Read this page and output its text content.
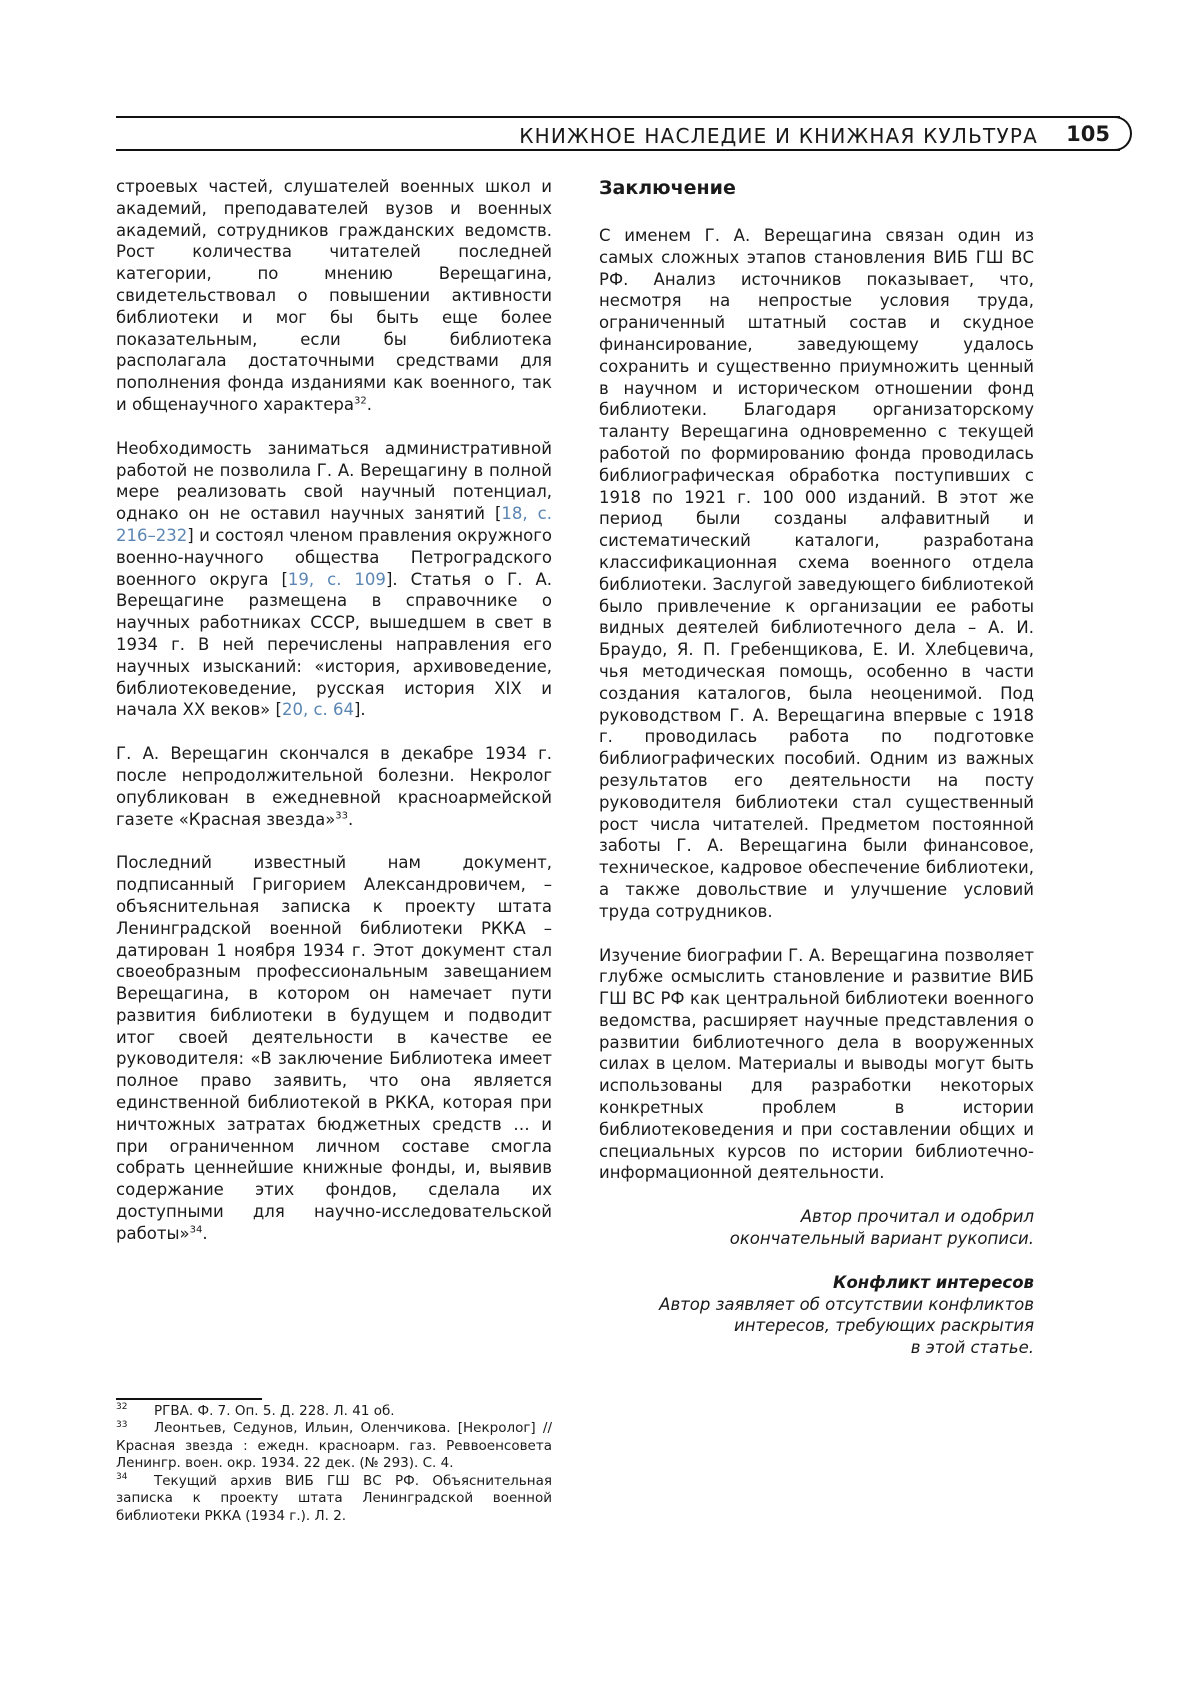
КНИЖНОЕ НАСЛЕДИЕ И КНИЖНАЯ КУЛЬТУРА 105

строевых частей, слушателей военных школ и академий, преподавателей вузов и военных академий, сотрудников гражданских ведомств. Рост количества читателей последней категории, по мнению Верещагина, свидетельствовал о повышении активности библиотеки и мог бы быть еще более показательным, если бы библиотека располагала достаточными средствами для пополнения фонда изданиями как военного, так и общенаучного характера$^{32}$.

Необходимость заниматься административной работой не позволила Г. А. Верещагину в полной мере реализовать свой научный потенциал, однако он не оставил научных занятий [18, с. 216–232] и состоял членом правления окружного военно-научного общества Петроградского военного округа [19, с. 109]. Статья о Г. А. Верещагине размещена в справочнике о научных работниках СССР, вышедшем в свет в 1934 г. В ней перечислены направления его научных изысканий: «история, архивоведение, библиотековедение, русская история XIX и начала XX веков» [20, с. 64].

Г. А. Верещагин скончался в декабре 1934 г. после непродолжительной болезни. Некролог опубликован в ежедневной красноармейской газете «Красная звезда»$^{33}$.

Последний известный нам документ, подписанный Григорием Александровичем, – объяснительная записка к проекту штата Ленинградской военной библиотеки РККА – датирован 1 ноября 1934 г. Этот документ стал своеобразным профессиональным завещанием Верещагина, в котором он намечает пути развития библиотеки в будущем и подводит итог своей деятельности в качестве ее руководителя: «В заключение Библиотека имеет полное право заявить, что она является единственной библиотекой в РККА, которая при ничтожных затратах бюджетных средств … и при ограниченном личном составе смогла собрать ценнейшие книжные фонды, и, выявив содержание этих фондов, сделала их доступными для научно-исследовательской работы»$^{34}$.

Заключение

С именем Г. А. Верещагина связан один из самых сложных этапов становления ВИБ ГШ ВС РФ. Анализ источников показывает, что, несмотря на непростые условия труда, ограниченный штатный состав и скудное финансирование, заведующему удалось сохранить и существенно приумножить ценный в научном и историческом отношении фонд библиотеки. Благодаря организаторскому таланту Верещагина одновременно с текущей работой по формированию фонда проводилась библиографическая обработка поступивших с 1918 по 1921 г. 100 000 изданий. В этот же период были созданы алфавитный и систематический каталоги, разработана классификационная схема военного отдела библиотеки. Заслугой заведующего библиотекой было привлечение к организации ее работы видных деятелей библиотечного дела – А. И. Браудо, Я. П. Гребенщикова, Е. И. Хлебцевича, чья методическая помощь, особенно в части создания каталогов, была неоценимой. Под руководством Г. А. Верещагина впервые с 1918 г. проводилась работа по подготовке библиографических пособий. Одним из важных результатов его деятельности на посту руководителя библиотеки стал существенный рост числа читателей. Предметом постоянной заботы Г. А. Верещагина были финансовое, техническое, кадровое обеспечение библиотеки, а также довольствие и улучшение условий труда сотрудников.

Изучение биографии Г. А. Верещагина позволяет глубже осмыслить становление и развитие ВИБ ГШ ВС РФ как центральной библиотеки военного ведомства, расширяет научные представления о развитии библиотечного дела в вооруженных силах в целом. Материалы и выводы могут быть использованы для разработки некоторых конкретных проблем в истории библиотековедения и при составлении общих и специальных курсов по истории библиотечно-информационной деятельности.

Автор прочитал и одобрил
окончательный вариант рукописи.
Конфликт интересов
Автор заявляет об отсутствии конфликтов
интересов, требующих раскрытия
в этой статье.
32 РГВА. Ф. 7. Оп. 5. Д. 228. Л. 41 об.
33 Леонтьев, Седунов, Ильин, Оленчикова. [Некролог] // Красная звезда : ежедн. красноарм. газ. Реввоенсовета Ленингр. воен. окр. 1934. 22 дек. (№ 293). С. 4.
34 Текущий архив ВИБ ГШ ВС РФ. Объяснительная записка к проекту штата Ленинградской военной библиотеки РККА (1934 г.). Л. 2.
